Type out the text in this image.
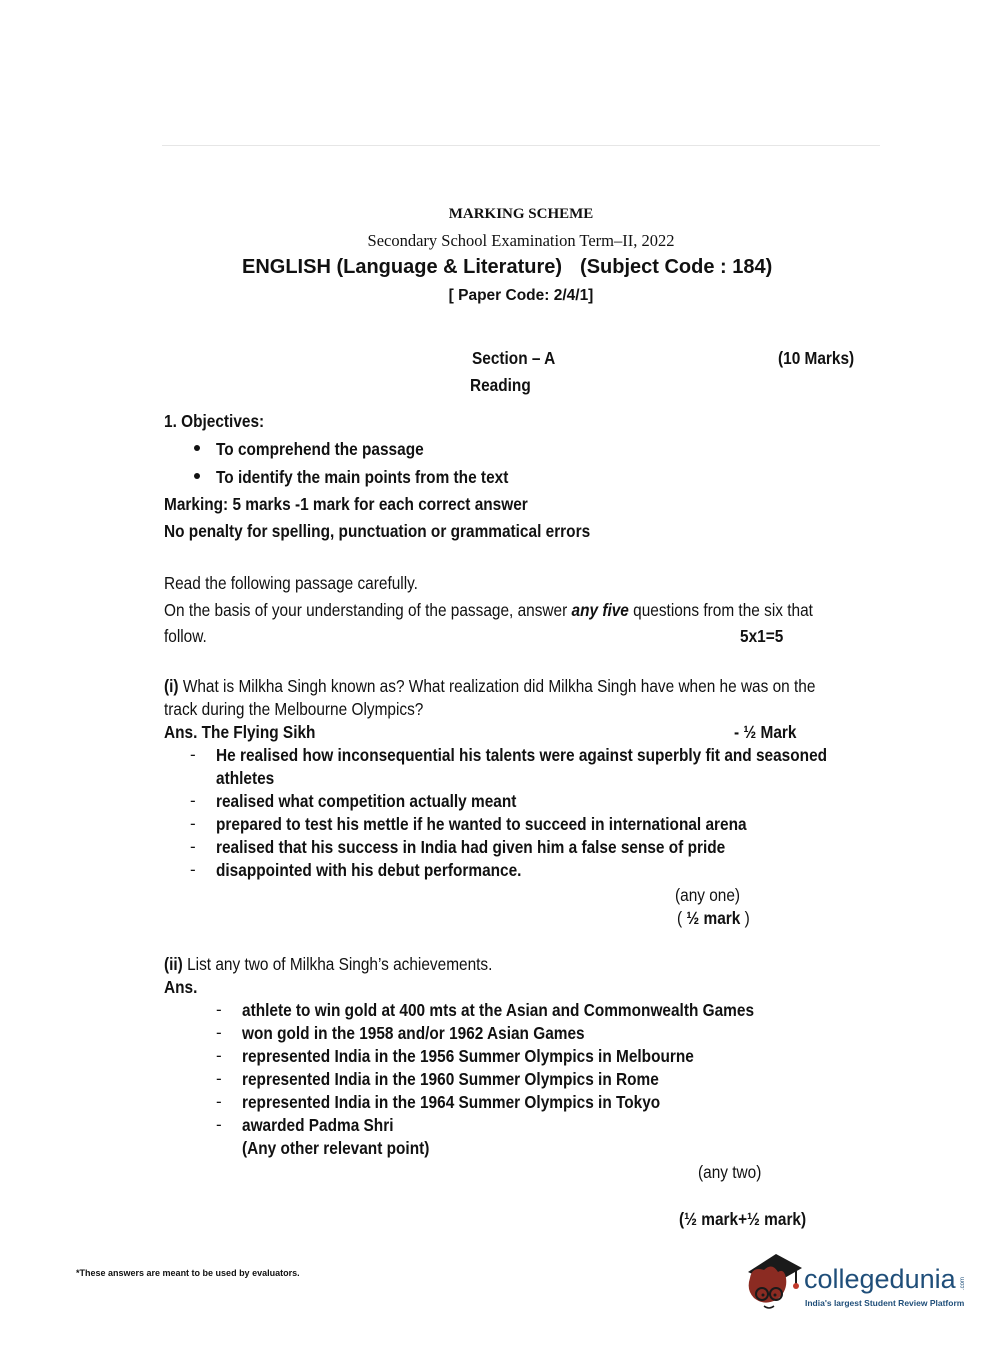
MARKING SCHEME
Secondary School Examination Term–II, 2022
ENGLISH (Language & Literature) (Subject Code : 184)
[ Paper Code: 2/4/1]
Section – A	(10 Marks)
Reading
1. Objectives:
To comprehend the passage
To identify the main points from the text
Marking: 5 marks -1 mark for each correct answer
No penalty for spelling, punctuation or grammatical errors
Read the following passage carefully.
On the basis of your understanding of the passage, answer any five questions from the six that
follow.	5x1=5
(i) What is Milkha Singh known as? What realization did Milkha Singh have when he was on the
track during the Melbourne Olympics?
Ans. The Flying Sikh	- ½ Mark
- He realised how inconsequential his talents were against superbly fit and seasoned
athletes
- realised what competition actually meant
- prepared to test his mettle if he wanted to succeed in international arena
- realised that his success in India had given him a false sense of pride
- disappointed with his debut performance.
(any one)
( ½ mark )
(ii) List any two of Milkha Singh’s achievements.
Ans.
- athlete to win gold at 400 mts at the Asian and Commonwealth Games
- won gold in the 1958 and/or 1962 Asian Games
- represented India in the 1956 Summer Olympics in Melbourne
- represented India in the 1960 Summer Olympics in Rome
- represented India in the 1964 Summer Olympics in Tokyo
- awarded Padma Shri
(Any other relevant point)
(any two)
(½ mark+½ mark)
*These answers are meant to be used by evaluators.	collegedunia .com
India's largest Student Review Platform
